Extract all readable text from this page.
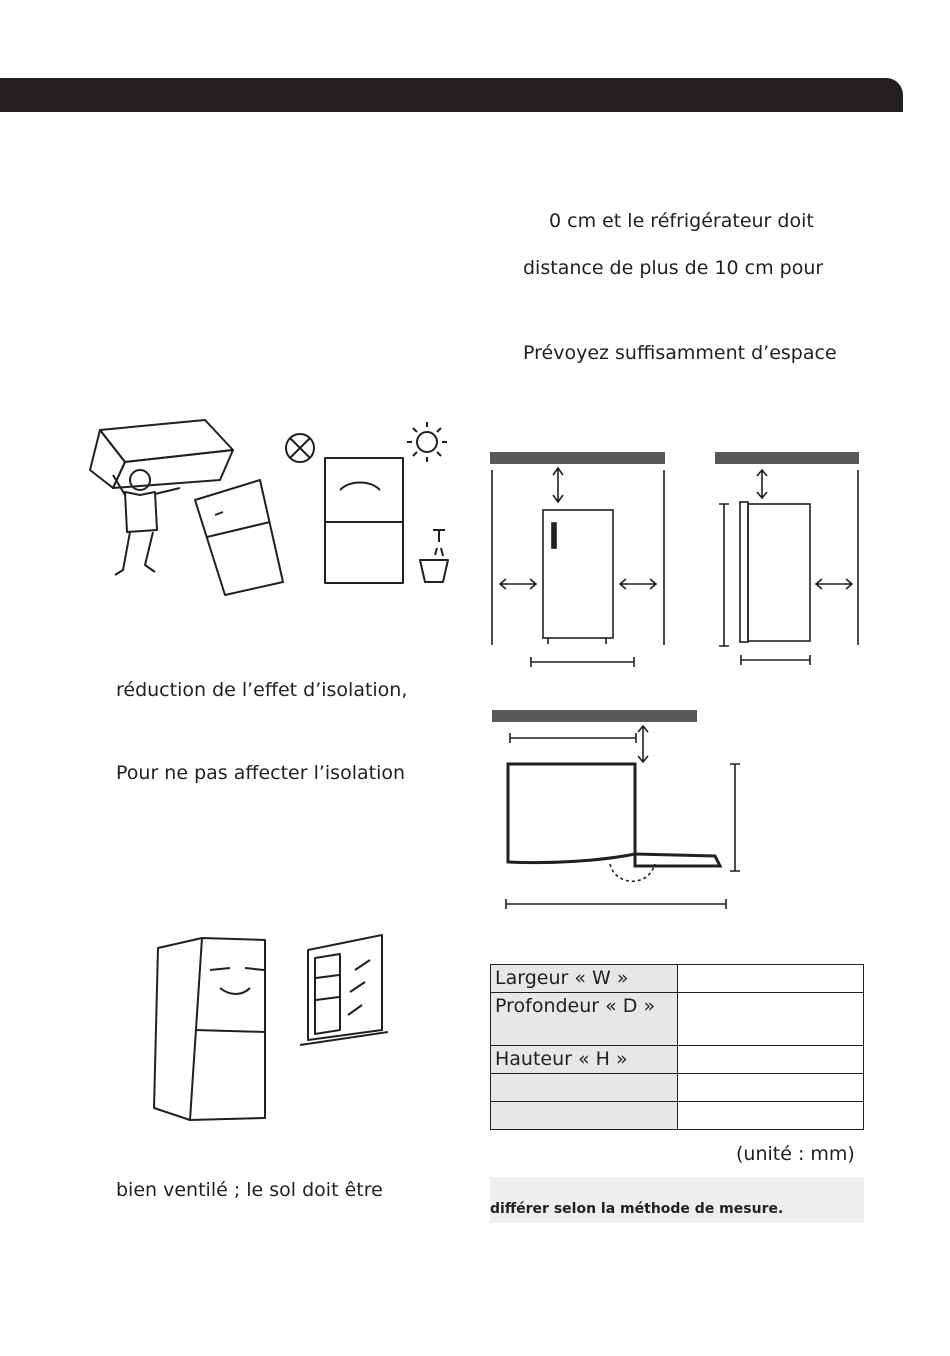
0 cm et le réfrigérateur doit
distance de plus de 10 cm pour
Prévoyez suffisamment d’espace
réduction de l’effet d’isolation,
Pour ne pas affecter l’isolation
Largeur « W »	
Profondeur « D »	
Hauteur « H »	

(unité : mm)
différer selon la méthode de mesure.
bien ventilé ; le sol doit être
